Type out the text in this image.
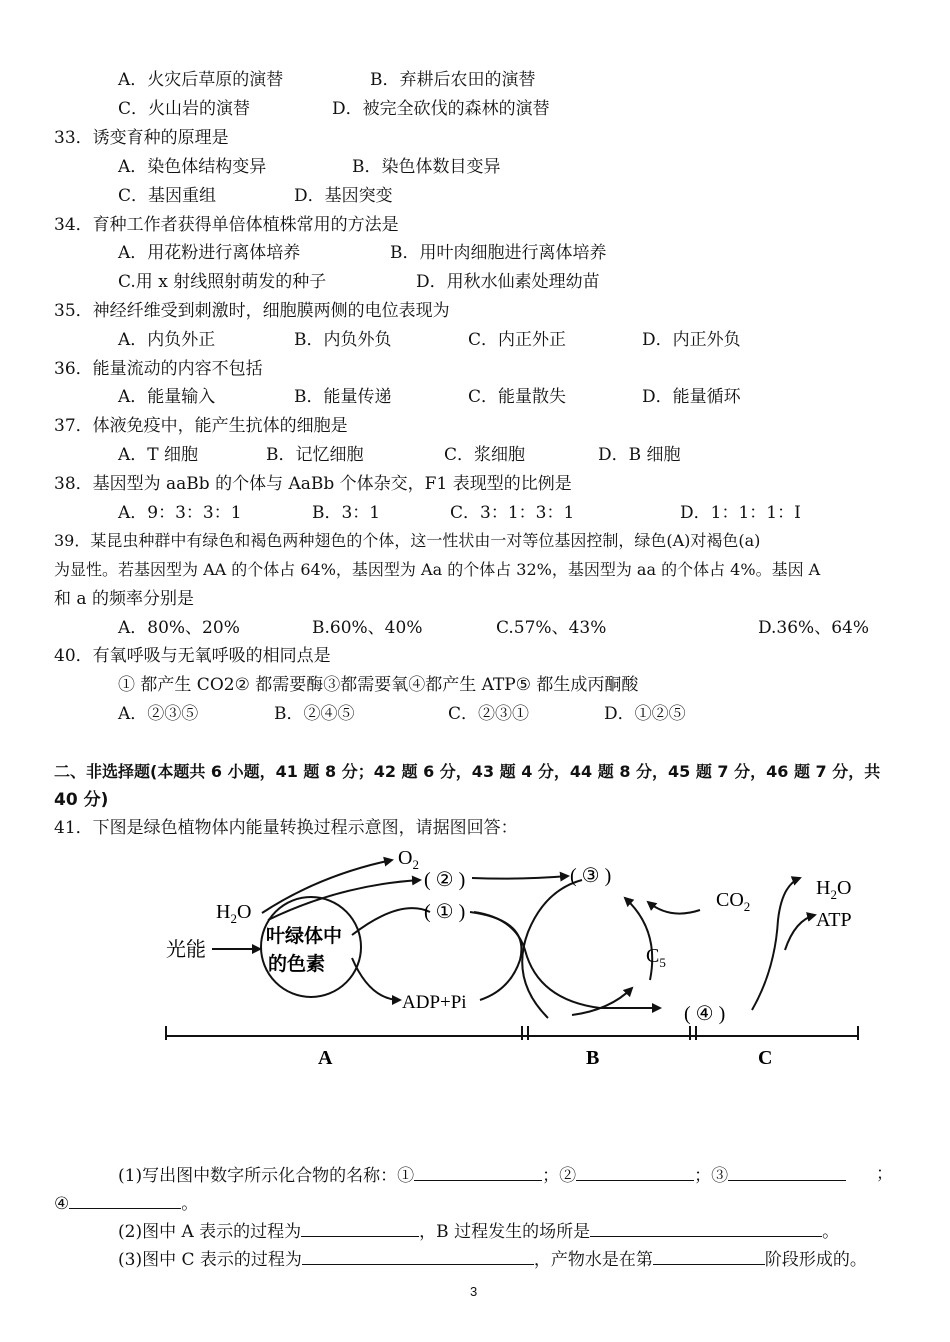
A．火灾后草原的演替	B．弃耕后农田的演替
C．火山岩的演替	D．被完全砍伐的森林的演替
33．诱变育种的原理是
A．染色体结构变异	B．染色体数目变异
C．基因重组	D．基因突变
34．育种工作者获得单倍体植株常用的方法是
A．用花粉进行离体培养	B．用叶肉细胞进行离体培养
C.用 x 射线照射萌发的种子	D．用秋水仙素处理幼苗
35．神经纤维受到刺激时，细胞膜两侧的电位表现为
A．内负外正	B．内负外负	C．内正外正	D．内正外负
36．能量流动的内容不包括
A．能量输入	B．能量传递	C．能量散失	D．能量循环
37．体液免疫中，能产生抗体的细胞是
A．T 细胞	B．记忆细胞	C．浆细胞	D．B 细胞
38．基因型为 aaBb 的个体与 AaBb 个体杂交，F1 表现型的比例是
A．9：3：3：1	B．3：1	C．3：1：3：1	D．1：1：1：I
39．某昆虫种群中有绿色和褐色两种翅色的个体，这一性状由一对等位基因控制，绿色(A)对褐色(a)
为显性。若基因型为 AA 的个体占 64%，基因型为 Aa 的个体占 32%，基因型为 aa 的个体占 4%。基因 A
和 a 的频率分别是
A．80%、20%	B.60%、40%	C.57%、43%	D.36%、64%
40．有氧呼吸与无氧呼吸的相同点是
① 都产生 CO2② 都需要酶③都需要氧④都产生 ATP⑤ 都生成丙酮酸
A．②③⑤	B．②④⑤	C．②③①	D．①②⑤
二、非选择题(本题共 6 小题，41 题 8 分；42 题 6 分，43 题 4 分，44 题 8 分，45 题 7 分，46 题 7 分，共
40 分)
41．下图是绿色植物体内能量转换过程示意图，请据图回答：
$O_2$
( ② )	( ③ )
$H_2O$	( ① )
光能
叶绿体中
的色素
ADP+Pi
$CO_2$
$C_5$
$H_2O$
ATP
( ④ )
A	B	C
(1)写出图中数字所示化合物的名称：①	；②	；③	；
④	。
(2)图中 A 表示的过程为	，B 过程发生的场所是	。
(3)图中 C 表示的过程为	，产物水是在第	阶段形成的。
3
